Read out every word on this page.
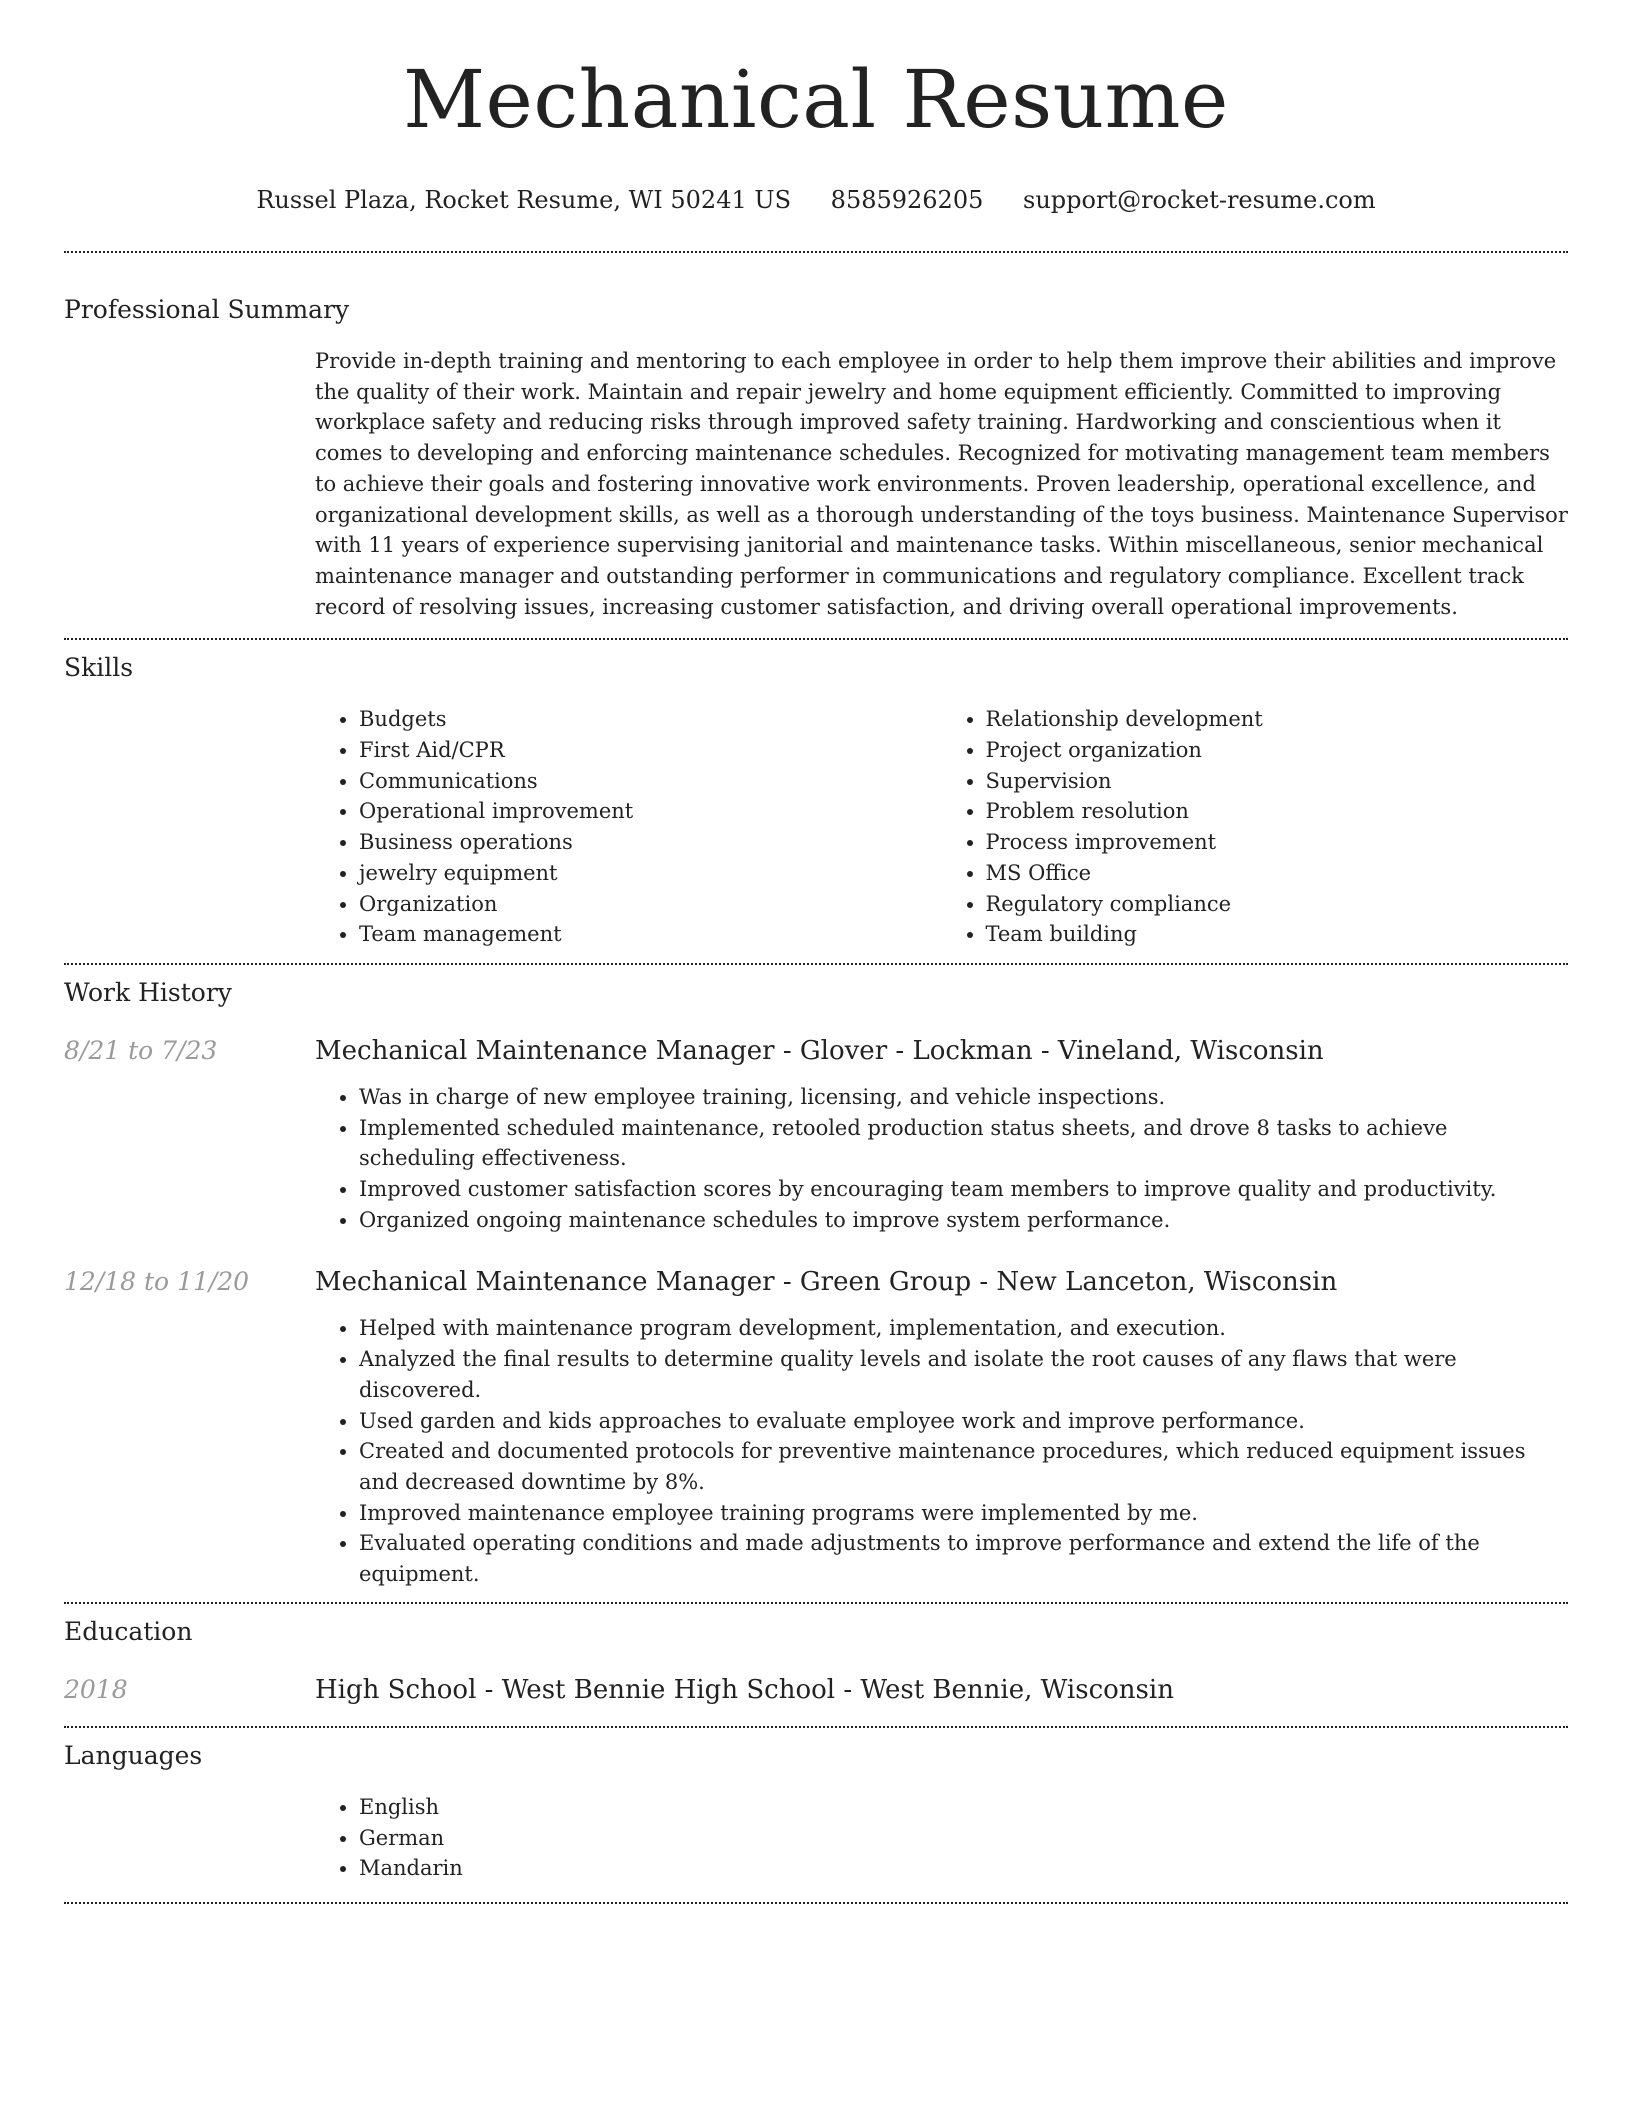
Mechanical Resume
Russel Plaza, Rocket Resume, WI 50241 US 8585926205 support@rocket-resume.com
Professional Summary
Provide in-depth training and mentoring to each employee in order to help them improve their abilities and improve the quality of their work. Maintain and repair jewelry and home equipment efficiently. Committed to improving workplace safety and reducing risks through improved safety training. Hardworking and conscientious when it comes to developing and enforcing maintenance schedules. Recognized for motivating management team members to achieve their goals and fostering innovative work environments. Proven leadership, operational excellence, and organizational development skills, as well as a thorough understanding of the toys business. Maintenance Supervisor with 11 years of experience supervising janitorial and maintenance tasks. Within miscellaneous, senior mechanical maintenance manager and outstanding performer in communications and regulatory compliance. Excellent track record of resolving issues, increasing customer satisfaction, and driving overall operational improvements.
Skills
• Budgets
• First Aid/CPR
• Communications
• Operational improvement
• Business operations
• jewelry equipment
• Organization
• Team management
• Relationship development
• Project organization
• Supervision
• Problem resolution
• Process improvement
• MS Office
• Regulatory compliance
• Team building
Work History
8/21 to 7/23	Mechanical Maintenance Manager - Glover - Lockman - Vineland, Wisconsin
• Was in charge of new employee training, licensing, and vehicle inspections.
• Implemented scheduled maintenance, retooled production status sheets, and drove 8 tasks to achieve scheduling effectiveness.
• Improved customer satisfaction scores by encouraging team members to improve quality and productivity.
• Organized ongoing maintenance schedules to improve system performance.
12/18 to 11/20	Mechanical Maintenance Manager - Green Group - New Lanceton, Wisconsin
• Helped with maintenance program development, implementation, and execution.
• Analyzed the final results to determine quality levels and isolate the root causes of any flaws that were discovered.
• Used garden and kids approaches to evaluate employee work and improve performance.
• Created and documented protocols for preventive maintenance procedures, which reduced equipment issues and decreased downtime by 8%.
• Improved maintenance employee training programs were implemented by me.
• Evaluated operating conditions and made adjustments to improve performance and extend the life of the equipment.
Education
2018	High School - West Bennie High School - West Bennie, Wisconsin
Languages
• English
• German
• Mandarin
